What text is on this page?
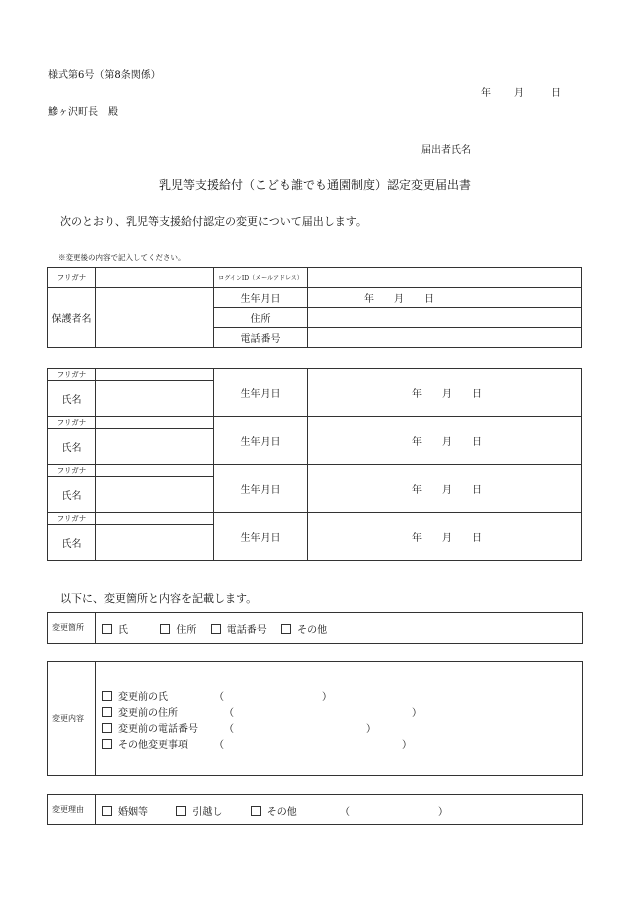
様式第6号（第8条関係）
年 月	日
鰺ヶ沢町長　殿
届出者氏名
乳児等支援給付（こども誰でも通園制度）認定変更届出書
次のとおり、乳児等支援給付認定の変更について届出します。
※変更後の内容で記入してください。
フリガナ		ログインID（メールアドレス）	
保護者名		生年月日	年 月 日
		住所	
		電話番号	
フリガナ		生年月日	年 月 日
氏名			
フリガナ		生年月日	年 月 日
氏名			
フリガナ		生年月日	年 月 日
氏名			
フリガナ		生年月日	年 月 日
氏名			
以下に、変更箇所と内容を記載します。
変更箇所	氏	住所	電話番号	その他
変更内容
変更前の氏	（	）
変更前の住所	（	）
変更前の電話番号	（	）
その他変更事項	（	）
変更理由	婚姻等	引越し	その他	（	）
